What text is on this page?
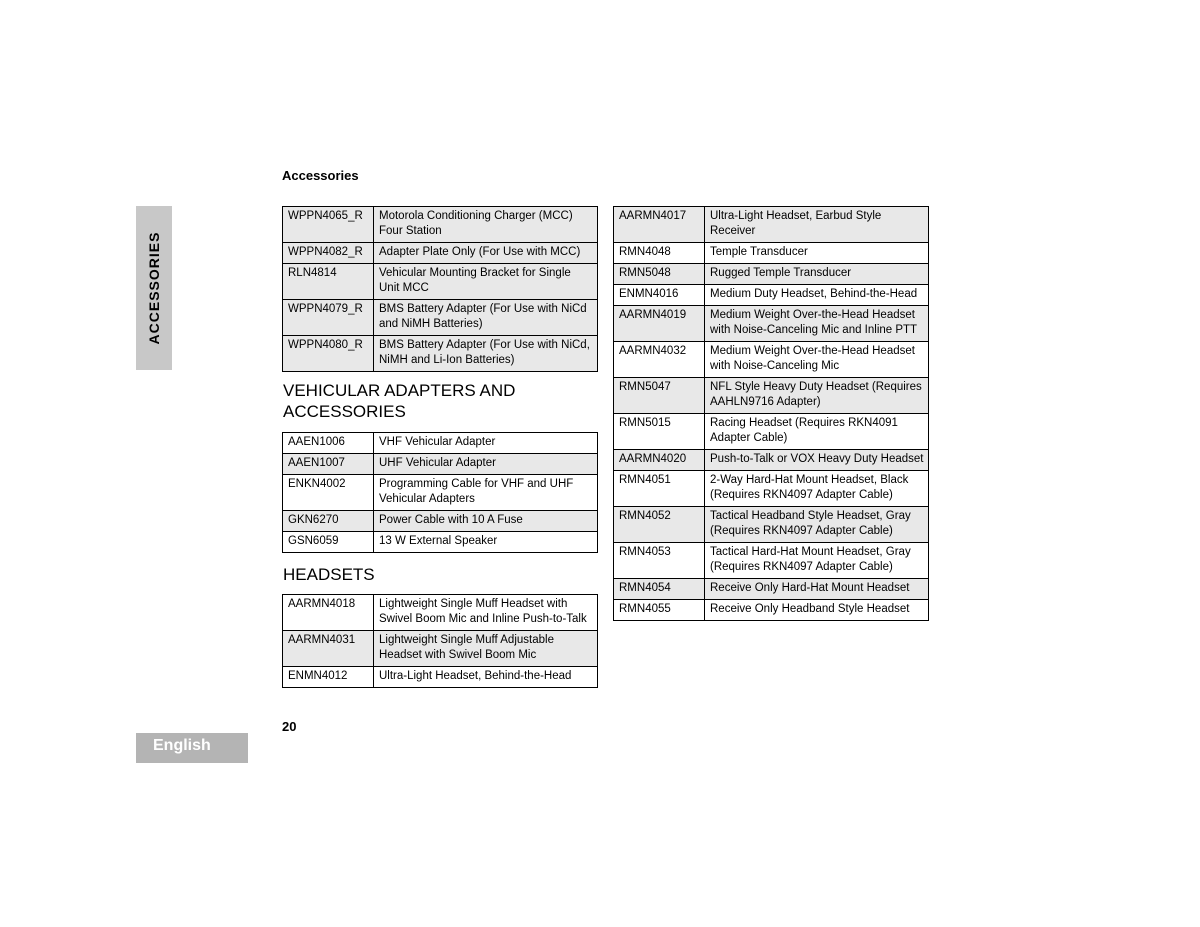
ACCESSORIES
English
Accessories
WPPN4065_R	Motorola Conditioning Charger (MCC) Four Station
WPPN4082_R	Adapter Plate Only (For Use with MCC)
RLN4814	Vehicular Mounting Bracket for Single Unit MCC
WPPN4079_R	BMS Battery Adapter (For Use with NiCd and NiMH Batteries)
WPPN4080_R	BMS Battery Adapter (For Use with NiCd, NiMH and Li-Ion Batteries)
VEHICULAR ADAPTERS AND
ACCESSORIES
AAEN1006	VHF Vehicular Adapter
AAEN1007	UHF Vehicular Adapter
ENKN4002	Programming Cable for VHF and UHF Vehicular Adapters
GKN6270	Power Cable with 10 A Fuse
GSN6059	13 W External Speaker
HEADSETS
AARMN4018	Lightweight Single Muff Headset with Swivel Boom Mic and Inline Push-to-Talk
AARMN4031	Lightweight Single Muff Adjustable Headset with Swivel Boom Mic
ENMN4012	Ultra-Light Headset, Behind-the-Head
AARMN4017	Ultra-Light Headset, Earbud Style Receiver
RMN4048	Temple Transducer
RMN5048	Rugged Temple Transducer
ENMN4016	Medium Duty Headset, Behind-the-Head
AARMN4019	Medium Weight Over-the-Head Headset with Noise-Canceling Mic and Inline PTT
AARMN4032	Medium Weight Over-the-Head Headset with Noise-Canceling Mic
RMN5047	NFL Style Heavy Duty Headset (Requires AAHLN9716 Adapter)
RMN5015	Racing Headset (Requires RKN4091 Adapter Cable)
AARMN4020	Push-to-Talk or VOX Heavy Duty Headset
RMN4051	2-Way Hard-Hat Mount Headset, Black (Requires RKN4097 Adapter Cable)
RMN4052	Tactical Headband Style Headset, Gray (Requires RKN4097 Adapter Cable)
RMN4053	Tactical Hard-Hat Mount Headset, Gray (Requires RKN4097 Adapter Cable)
RMN4054	Receive Only Hard-Hat Mount Headset
RMN4055	Receive Only Headband Style Headset
20
